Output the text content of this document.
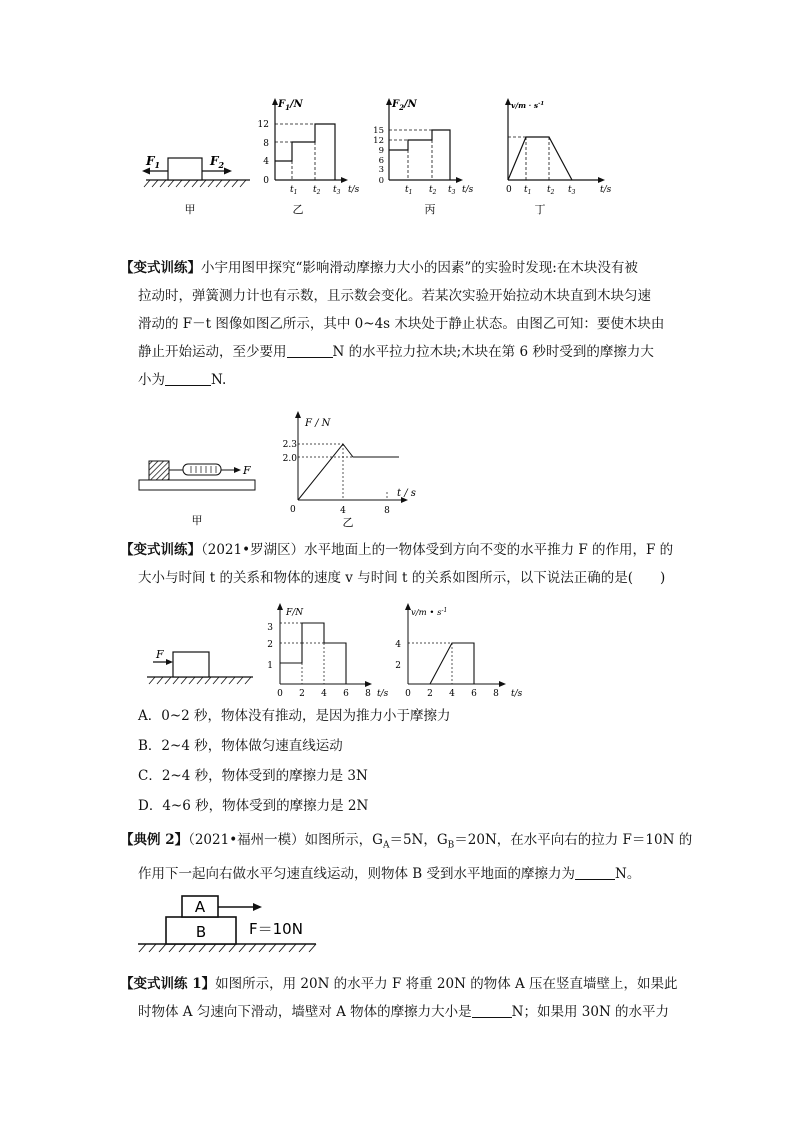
$F_1$	$F_2$
甲
$F_1/N$
12
8
4
0
$t_1$ $t_2$ $t_3$ t/s
乙
$F_2/N$
15
12
9
6
3
0
$t_1$ $t_2$ $t_3$ t/s
丙
$v/m \cdot s^{-1}$
0 $t_1$ $t_2$ $t_3$	t/s
丁
【变式训练】小宇用图甲探究“影响滑动摩擦力大小的因素”的实验时发现:在木块没有被
拉动时，弹簧测力计也有示数，且示数会变化。若某次实验开始拉动木块直到木块匀速
滑动的 F－t 图像如图乙所示，其中 0~4s 木块处于静止状态。由图乙可知：要使木块由
静止开始运动，至少要用	N 的水平拉力拉木块;木块在第 6 秒时受到的摩擦力大
小为	N.
F
甲
F / N
t / s
0
2.3
2.0
4	8
乙
【变式训练】（2021•罗湖区）水平地面上的一物体受到方向不变的水平推力 F 的作用，F 的
大小与时间 t 的关系和物体的速度 v 与时间 t 的关系如图所示，以下说法正确的是(　　)
F
F/N
3
2
1
0 2 4 6 8 t/s
v/m • $s^{-1}$
4
2
0 2 4 6 8 t/s
A．0~2 秒，物体没有推动，是因为推力小于摩擦力
B．2~4 秒，物体做匀速直线运动
C．2~4 秒，物体受到的摩擦力是 3N
D．4~6 秒，物体受到的摩擦力是 2N
【典例 2】（2021•福州一模）如图所示，$G_A=5N$，$G_B=20N$，在水平向右的拉力 F＝10N 的
作用下一起向右做水平匀速直线运动，则物体 B 受到水平地面的摩擦力为	N。
A
B	F＝10N
【变式训练 1】如图所示，用 20N 的水平力 F 将重 20N 的物体 A 压在竖直墙壁上，如果此
时物体 A 匀速向下滑动，墙壁对 A 物体的摩擦力大小是	N；如果用 30N 的水平力
